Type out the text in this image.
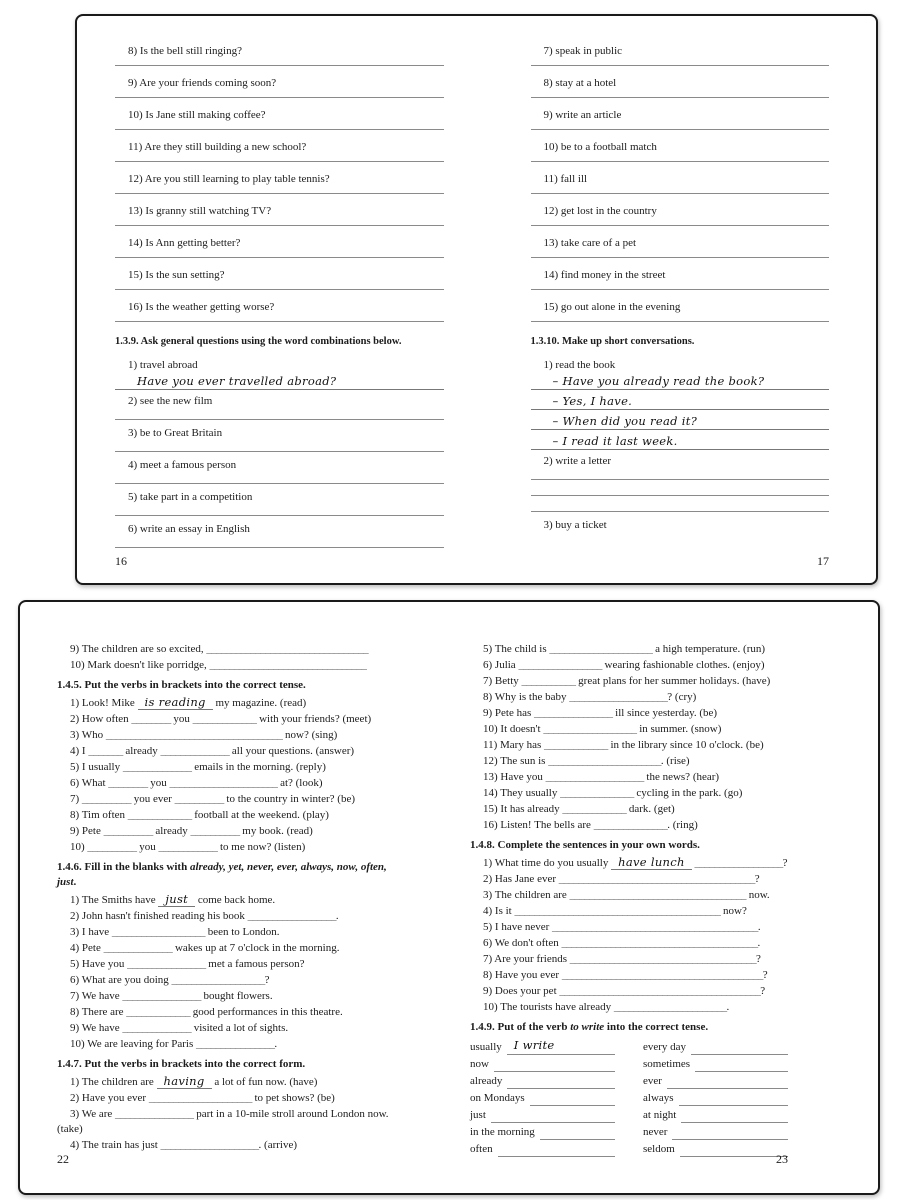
8) Is the bell still ringing?
9) Are your friends coming soon?
10) Is Jane still making coffee?
11) Are they still building a new school?
12) Are you still learning to play table tennis?
13) Is granny still watching TV?
14) Is Ann getting better?
15) Is the sun setting?
16) Is the weather getting worse?
1.3.9. Ask general questions using the word combinations below.
1) travel abroad
Have you ever travelled abroad?
2) see the new film
3) be to Great Britain
4) meet a famous person
5) take part in a competition
6) write an essay in English
16
7) speak in public
8) stay at a hotel
9) write an article
10) be to a football match
11) fall ill
12) get lost in the country
13) take care of a pet
14) find money in the street
15) go out alone in the evening
1.3.10. Make up short conversations.
1) read the book
– Have you already read the book?
– Yes, I have.
– When did you read it?
– I read it last week.
2) write a letter
3) buy a ticket
17
9) The children are so excited, _________________________________
10) Mark doesn't like porridge, ________________________________
1.4.5. Put the verbs in brackets into the correct tense.
1) Look! Mike is reading my magazine. (read)
2) How often ________ you _____________ with your friends? (meet)
3) Who ____________________________________ now? (sing)
4) I _______ already ______________ all your questions. (answer)
5) I usually ______________ emails in the morning. (reply)
6) What ________ you ______________________ at? (look)
7) __________ you ever __________ to the country in winter? (be)
8) Tim often _____________ football at the weekend. (play)
9) Pete __________ already __________ my book. (read)
10) __________ you ____________ to me now? (listen)
1.4.6. Fill in the blanks with already, yet, never, ever, always, now, often, just.
1) The Smiths have just come back home.
2) John hasn't finished reading his book __________________.
3) I have ___________________ been to London.
4) Pete ______________ wakes up at 7 o'clock in the morning.
5) Have you ________________ met a famous person?
6) What are you doing ___________________?
7) We have ________________ bought flowers.
8) There are _____________ good performances in this theatre.
9) We have ______________ visited a lot of sights.
10) We are leaving for Paris ________________.
1.4.7. Put the verbs in brackets into the correct form.
1) The children are having a lot of fun now. (have)
2) Have you ever _____________________ to pet shows? (be)
3) We are ________________ part in a 10-mile stroll around London now. (take)
4) The train has just ____________________. (arrive)
22
5) The child is _____________________ a high temperature. (run)
6) Julia _________________ wearing fashionable clothes. (enjoy)
7) Betty ___________ great plans for her summer holidays. (have)
8) Why is the baby ____________________? (cry)
9) Pete has ________________ ill since yesterday. (be)
10) It doesn't ___________________ in summer. (snow)
11) Mary has _____________ in the library since 10 o'clock. (be)
12) The sun is _______________________. (rise)
13) Have you ____________________ the news? (hear)
14) They usually _______________ cycling in the park. (go)
15) It has already _____________ dark. (get)
16) Listen! The bells are _______________. (ring)
1.4.8. Complete the sentences in your own words.
1) What time do you usually have lunch __________________?
2) Has Jane ever ________________________________________?
3) The children are ____________________________________ now.
4) Is it __________________________________________ now?
5) I have never __________________________________________.
6) We don't often ________________________________________.
7) Are your friends ______________________________________?
8) Have you ever _________________________________________?
9) Does your pet _________________________________________?
10) The tourists have already _______________________.
1.4.9. Put of the verb to write into the correct tense.
usually	I write	every day
now	sometimes
already	ever
on Mondays	always
just	at night
in the morning	never
often	seldom
23
